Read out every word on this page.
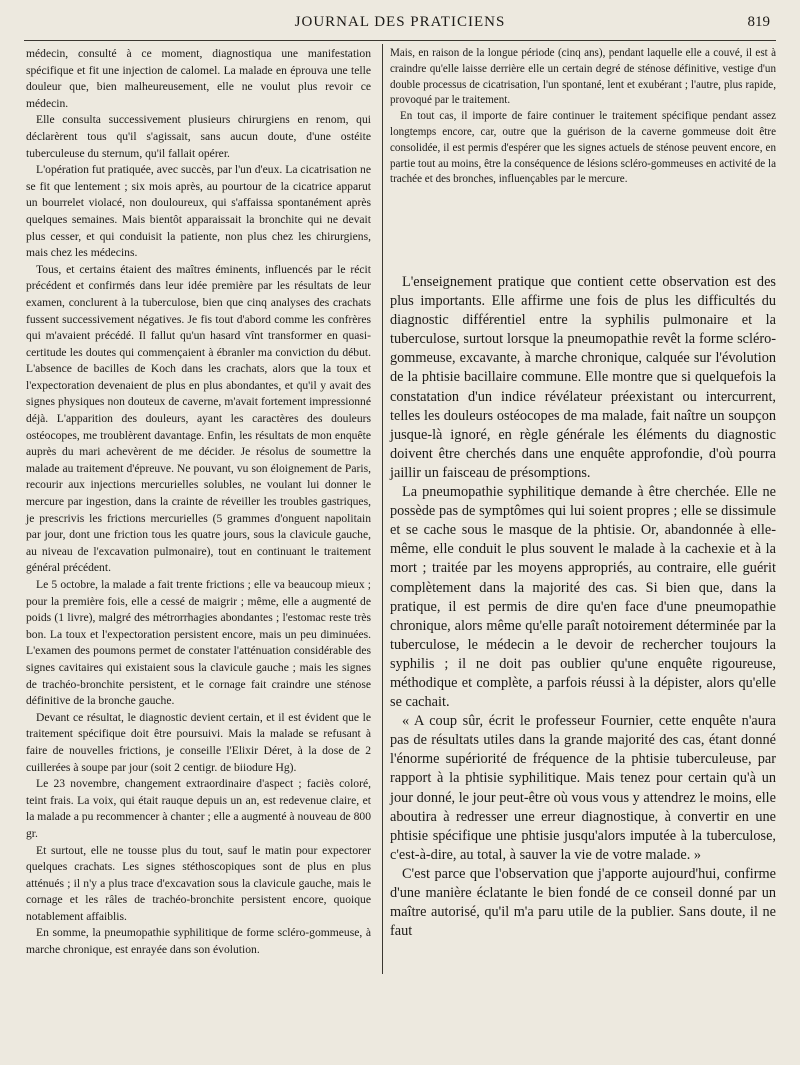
JOURNAL DES PRATICIENS	819

médecin, consulté à ce moment, diagnostiqua une manifestation spécifique et fit une injection de calomel. La malade en éprouva une telle douleur que, bien malheureusement, elle ne voulut plus revoir ce médecin.

Elle consulta successivement plusieurs chirurgiens en renom, qui déclarèrent tous qu'il s'agissait, sans aucun doute, d'une ostéite tuberculeuse du sternum, qu'il fallait opérer.

L'opération fut pratiquée, avec succès, par l'un d'eux. La cicatrisation ne se fit que lentement ; six mois après, au pourtour de la cicatrice apparut un bourrelet violacé, non douloureux, qui s'affaissa spontanément après quelques semaines. Mais bientôt apparaissait la bronchite qui ne devait plus cesser, et qui conduisit la patiente, non plus chez les chirurgiens, mais chez les médecins.

Tous, et certains étaient des maîtres éminents, influencés par le récit précédent et confirmés dans leur idée première par les résultats de leur examen, conclurent à la tuberculose, bien que cinq analyses des crachats fussent successivement négatives. Je fis tout d'abord comme les confrères qui m'avaient précédé. Il fallut qu'un hasard vînt transformer en quasi-certitude les doutes qui commençaient à ébranler ma conviction du début. L'absence de bacilles de Koch dans les crachats, alors que la toux et l'expectoration devenaient de plus en plus abondantes, et qu'il y avait des signes physiques non douteux de caverne, m'avait fortement impressionné déjà. L'apparition des douleurs, ayant les caractères des douleurs ostéocopes, me troublèrent davantage. Enfin, les résultats de mon enquête auprès du mari achevèrent de me décider. Je résolus de soumettre la malade au traitement d'épreuve. Ne pouvant, vu son éloignement de Paris, recourir aux injections mercurielles solubles, ne voulant lui donner le mercure par ingestion, dans la crainte de réveiller les troubles gastriques, je prescrivis les frictions mercurielles (5 grammes d'onguent napolitain par jour, dont une friction tous les quatre jours, sous la clavicule gauche, au niveau de l'excavation pulmonaire), tout en continuant le traitement général précédent.

Le 5 octobre, la malade a fait trente frictions ; elle va beaucoup mieux ; pour la première fois, elle a cessé de maigrir ; même, elle a augmenté de poids (1 livre), malgré des métrorrhagies abondantes ; l'estomac reste très bon. La toux et l'expectoration persistent encore, mais un peu diminuées. L'examen des poumons permet de constater l'atténuation considérable des signes cavitaires qui existaient sous la clavicule gauche ; mais les signes de trachéo-bronchite persistent, et le cornage fait craindre une sténose définitive de la bronche gauche.

Devant ce résultat, le diagnostic devient certain, et il est évident que le traitement spécifique doit être poursuivi. Mais la malade se refusant à faire de nouvelles frictions, je conseille l'Elixir Déret, à la dose de 2 cuillerées à soupe par jour (soit 2 centigr. de biiodure Hg).

Le 23 novembre, changement extraordinaire d'aspect ; faciès coloré, teint frais. La voix, qui était rauque depuis un an, est redevenue claire, et la malade a pu recommencer à chanter ; elle a augmenté à nouveau de 800 gr.

Et surtout, elle ne tousse plus du tout, sauf le matin pour expectorer quelques crachats. Les signes stéthoscopiques sont de plus en plus atténués ; il n'y a plus trace d'excavation sous la clavicule gauche, mais le cornage et les râles de trachéo-bronchite persistent encore, quoique notablement affaiblis.

En somme, la pneumopathie syphilitique de forme scléro-gommeuse, à marche chronique, est enrayée dans son évolution.

Mais, en raison de la longue période (cinq ans), pendant laquelle elle a couvé, il est à craindre qu'elle laisse derrière elle un certain degré de sténose définitive, vestige d'un double processus de cicatrisation, l'un spontané, lent et exubérant ; l'autre, plus rapide, provoqué par le traitement.

En tout cas, il importe de faire continuer le traitement spécifique pendant assez longtemps encore, car, outre que la guérison de la caverne gommeuse doit être consolidée, il est permis d'espérer que les signes actuels de sténose peuvent encore, en partie tout au moins, être la conséquence de lésions scléro-gommeuses en activité de la trachée et des bronches, influençables par le mercure.

L'enseignement pratique que contient cette observation est des plus importants. Elle affirme une fois de plus les difficultés du diagnostic différentiel entre la syphilis pulmonaire et la tuberculose, surtout lorsque la pneumopathie revêt la forme scléro-gommeuse, excavante, à marche chronique, calquée sur l'évolution de la phtisie bacillaire commune. Elle montre que si quelquefois la constatation d'un indice révélateur préexistant ou intercurrent, telles les douleurs ostéocopes de ma malade, fait naître un soupçon jusque-là ignoré, en règle générale les éléments du diagnostic doivent être cherchés dans une enquête approfondie, d'où pourra jaillir un faisceau de présomptions.

La pneumopathie syphilitique demande à être cherchée. Elle ne possède pas de symptômes qui lui soient propres ; elle se dissimule et se cache sous le masque de la phtisie. Or, abandonnée à elle-même, elle conduit le plus souvent le malade à la cachexie et à la mort ; traitée par les moyens appropriés, au contraire, elle guérit complètement dans la majorité des cas. Si bien que, dans la pratique, il est permis de dire qu'en face d'une pneumopathie chronique, alors même qu'elle paraît notoirement déterminée par la tuberculose, le médecin a le devoir de rechercher toujours la syphilis ; il ne doit pas oublier qu'une enquête rigoureuse, méthodique et complète, a parfois réussi à la dépister, alors qu'elle se cachait.

« A coup sûr, écrit le professeur Fournier, cette enquête n'aura pas de résultats utiles dans la grande majorité des cas, étant donné l'énorme supériorité de fréquence de la phtisie tuberculeuse, par rapport à la phtisie syphilitique. Mais tenez pour certain qu'à un jour donné, le jour peut-être où vous vous y attendrez le moins, elle aboutira à redresser une erreur diagnostique, à convertir en une phtisie spécifique une phtisie jusqu'alors imputée à la tuberculose, c'est-à-dire, au total, à sauver la vie de votre malade. »

C'est parce que l'observation que j'apporte aujourd'hui, confirme d'une manière éclatante le bien fondé de ce conseil donné par un maître autorisé, qu'il m'a paru utile de la publier. Sans doute, il ne faut
